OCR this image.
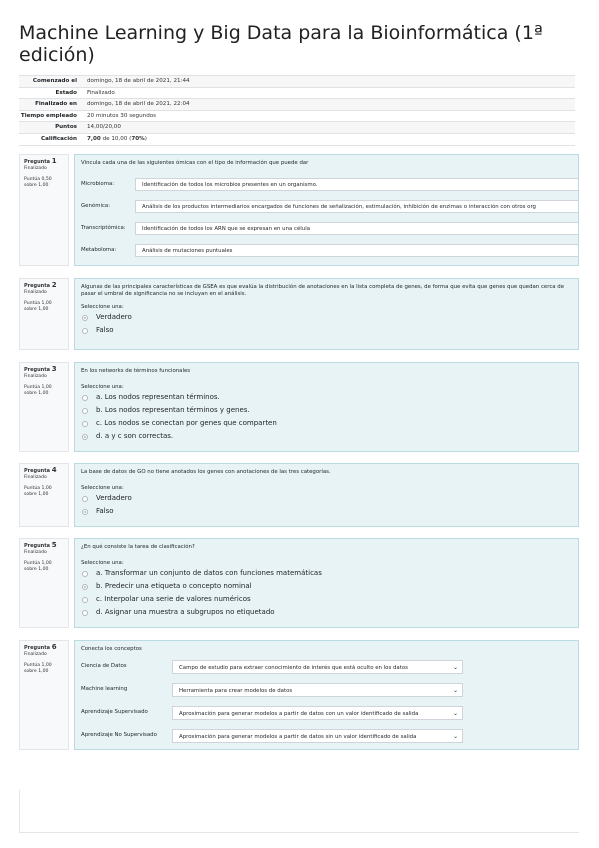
Machine Learning y Big Data para la Bioinformática (1ª edición)
Comenzado el	domingo, 18 de abril de 2021, 21:44
Estado	Finalizado
Finalizado en	domingo, 18 de abril de 2021, 22:04
Tiempo empleado	20 minutos 30 segundos
Puntos	14,00/20,00
Calificación	7,00 de 10,00 (70%)
Pregunta 1
Finalizado
Puntúa 0,50
sobre 1,00
Vincula cada una de las siguientes ómicas con el tipo de información que puede dar
Microbioma:	Identificación de todos los microbios presentes en un organismo.
Genómica:	Análisis de los productos intermediarios encargados de funciones de señalización, estimulación, inhibición de enzimas o interacción con otros org
Transcriptómica:	Identificación de todos los ARN que se expresan en una célula
Metaboloma:	Análisis de mutaciones puntuales
Pregunta 2
Finalizado
Puntúa 1,00
sobre 1,00
Algunas de las principales características de GSEA es que evalúa la distribución de anotaciones en la lista completa de genes, de forma que evita que genes que quedan cerca de pasar el umbral de significancia no se incluyan en el análisis.
Seleccione una:
Verdadero
Falso
Pregunta 3
Finalizado
Puntúa 1,00
sobre 1,00
En los networks de términos funcionales
Seleccione una:
a. Los nodos representan términos.
b. Los nodos representan términos y genes.
c. Los nodos se conectan por genes que comparten
d. a y c son correctas.
Pregunta 4
Finalizado
Puntúa 1,00
sobre 1,00
La base de datos de GO no tiene anotados los genes con anotaciones de las tres categorías.
Seleccione una:
Verdadero
Falso
Pregunta 5
Finalizado
Puntúa 1,00
sobre 1,00
¿En qué consiste la tarea de clasificación?
Seleccione una:
a. Transformar un conjunto de datos con funciones matemáticas
b. Predecir una etiqueta o concepto nominal
c. Interpolar una serie de valores numéricos
d. Asignar una muestra a subgrupos no etiquetado
Pregunta 6
Finalizado
Puntúa 1,00
sobre 1,00
Conecta los conceptos
Ciencia de Datos	Campo de estudio para extraer conocimiento de interés que está oculto en los datos	⌄
Machine learning	Herramienta para crear modelos de datos	⌄
Aprendizaje Supervisado	Aproximación para generar modelos a partir de datos con un valor identificado de salida	⌄
Aprendizaje No Supervisado	Aproximación para generar modelos a partir de datos sin un valor identificado de salida	⌄
